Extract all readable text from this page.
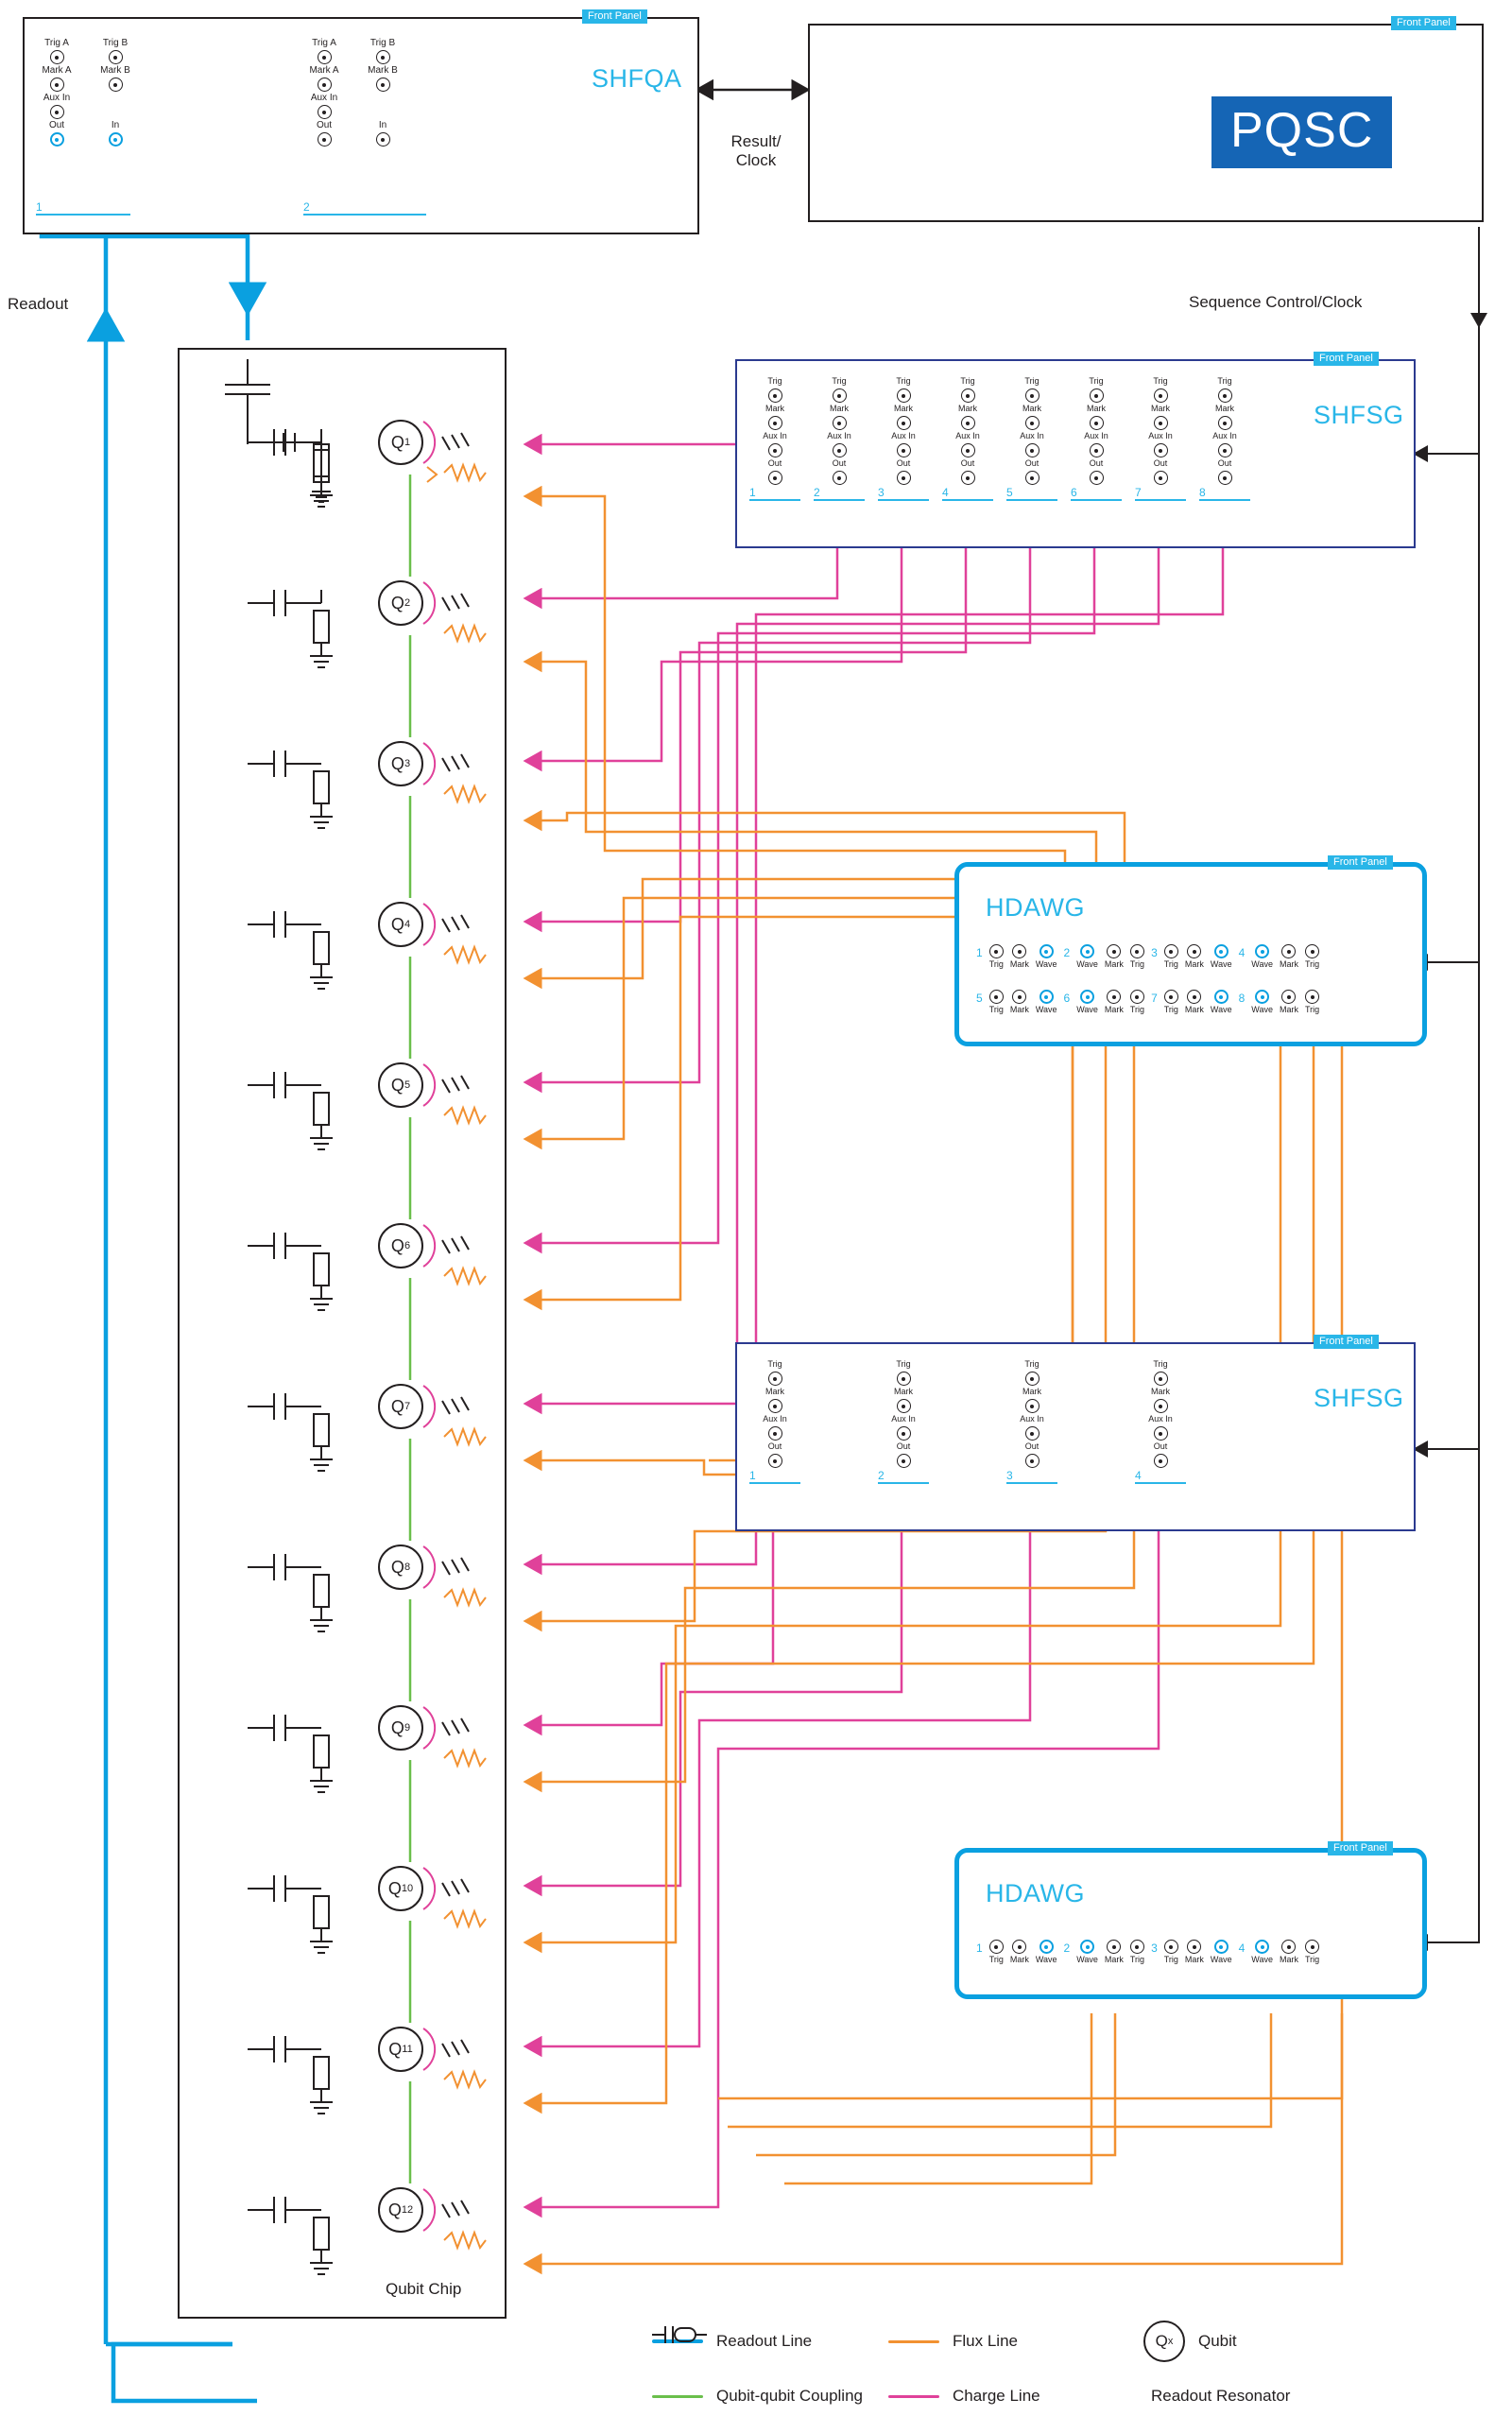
Front Panel
SHFQA
Trig A
Mark A
Aux In
Out
Trig B
Mark B

In
1
Trig A
Mark A
Aux In
Out
Trig B
Mark B

In
2
Front Panel
PQSC
Result/
Clock
Sequence Control/Clock
Readout
Front Panel
SHFSG
Trig
Mark
Aux In
Out
1
Trig
Mark
Aux In
Out
2
Trig
Mark
Aux In
Out
3
Trig
Mark
Aux In
Out
4
Trig
Mark
Aux In
Out
5
Trig
Mark
Aux In
Out
6
Trig
Mark
Aux In
Out
7
Trig
Mark
Aux In
Out
8
Front Panel
HDAWG
1
Trig Mark Wave
2
Wave Mark Trig
3
Trig Mark Wave
4
Wave Mark Trig
5
Trig Mark Wave
6
Wave Mark Trig
7
Trig Mark Wave
8
Wave Mark Trig
Front Panel
SHFSG
Trig
Mark
Aux In
Out
1
Trig
Mark
Aux In
Out
2
Trig
Mark
Aux In
Out
3
Trig
Mark
Aux In
Out
4
Front Panel
HDAWG
1
Trig Mark Wave
2
Wave Mark Trig
3
Trig Mark Wave
4
Wave Mark Trig
Qubit Chip
Q 1
Q 2
Q 3
Q 4
Q 5
Q 6
Q 7
Q 8
Q 9
Q 10
Q 11
Q 12
Readout Line	Flux Line	Q x Qubit
Qubit-qubit Coupling	Charge Line	Readout Resonator
